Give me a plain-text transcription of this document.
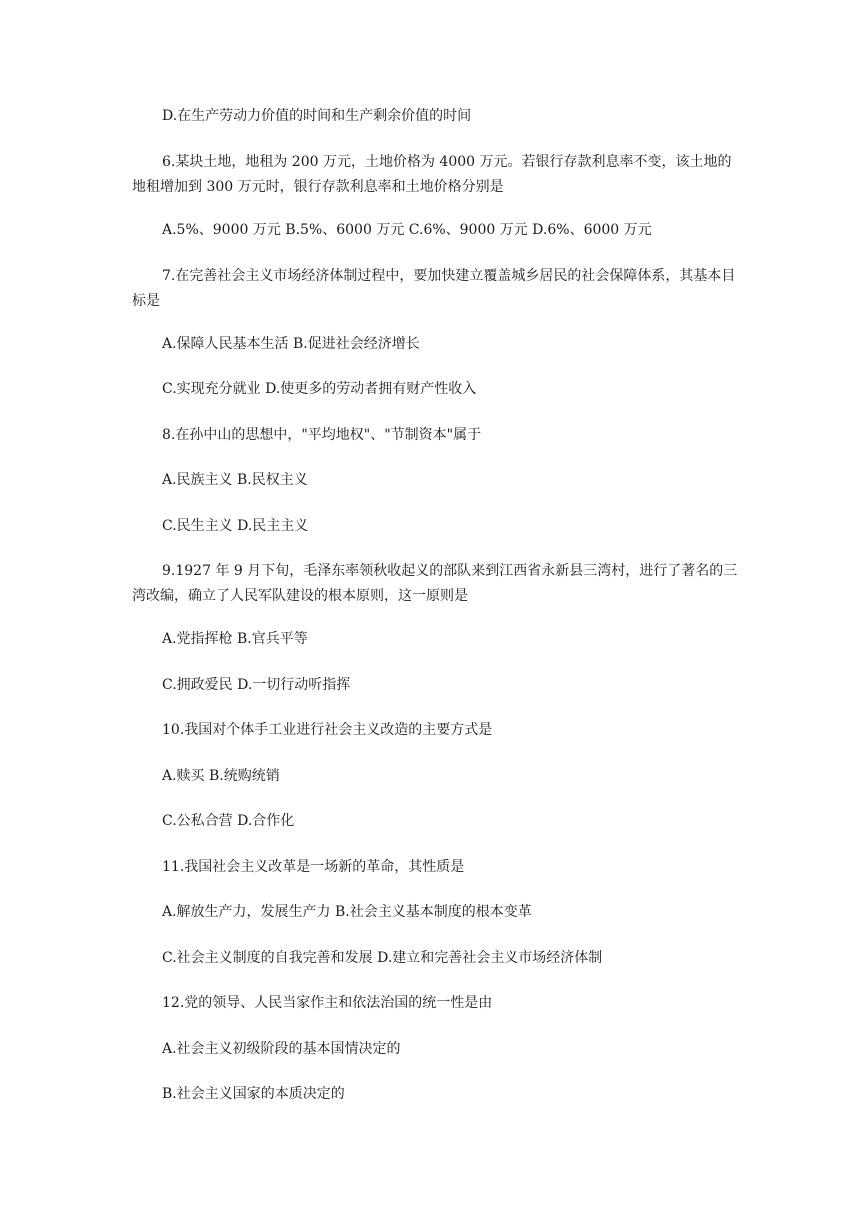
D.在生产劳动力价值的时间和生产剩余价值的时间

6.某块土地，地租为 200 万元，土地价格为 4000 万元。若银行存款利息率不变，该土地的地租增加到 300 万元时，银行存款利息率和土地价格分别是

A.5%、9000 万元 B.5%、6000 万元 C.6%、9000 万元 D.6%、6000 万元

7.在完善社会主义市场经济体制过程中，要加快建立覆盖城乡居民的社会保障体系，其基本目标是

A.保障人民基本生活 B.促进社会经济增长

C.实现充分就业 D.使更多的劳动者拥有财产性收入

8.在孙中山的思想中，"平均地权"、"节制资本"属于

A.民族主义 B.民权主义

C.民生主义 D.民主主义

9.1927 年 9 月下旬，毛泽东率领秋收起义的部队来到江西省永新县三湾村，进行了著名的三湾改编，确立了人民军队建设的根本原则，这一原则是

A.党指挥枪 B.官兵平等

C.拥政爱民 D.一切行动听指挥

10.我国对个体手工业进行社会主义改造的主要方式是

A.赎买 B.统购统销

C.公私合营 D.合作化

11.我国社会主义改革是一场新的革命，其性质是

A.解放生产力，发展生产力 B.社会主义基本制度的根本变革

C.社会主义制度的自我完善和发展 D.建立和完善社会主义市场经济体制

12.党的领导、人民当家作主和依法治国的统一性是由

A.社会主义初级阶段的基本国情决定的

B.社会主义国家的本质决定的
